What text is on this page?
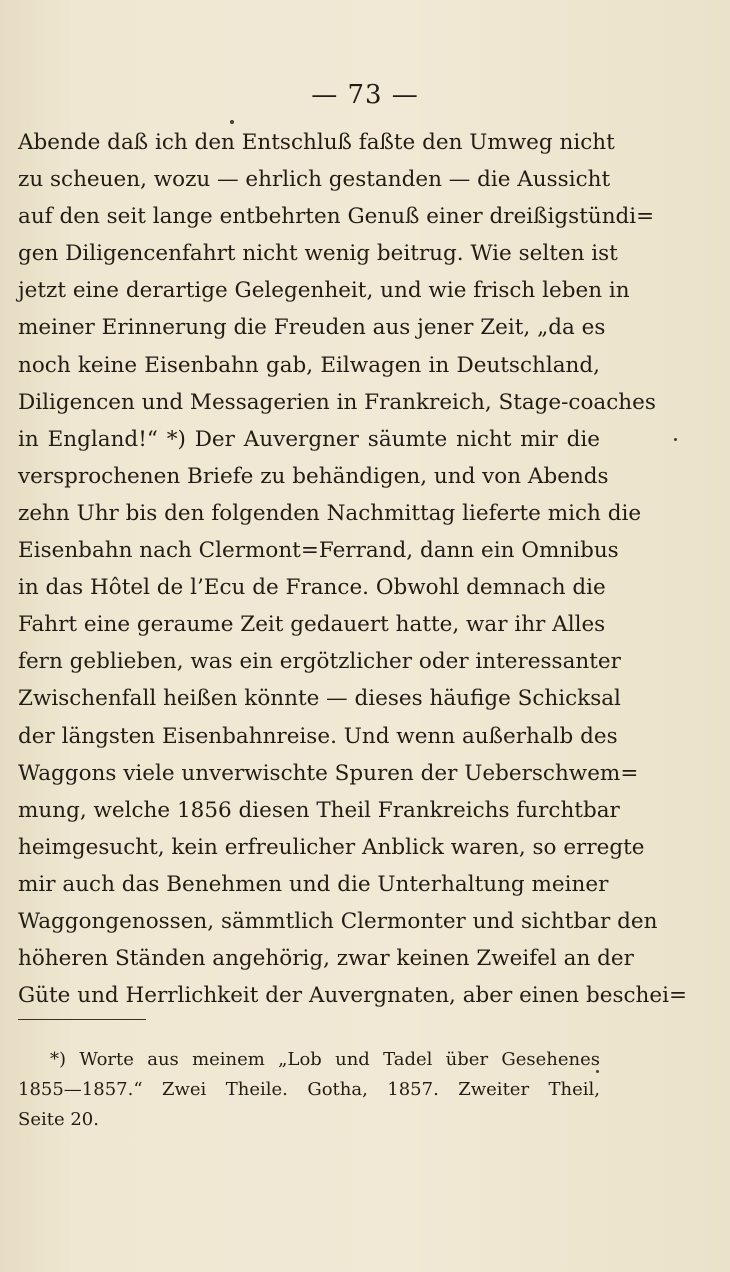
— 73 —
Abende daß ich den Entschluß faßte den Umweg nicht
zu scheuen, wozu — ehrlich gestanden — die Aussicht
auf den seit lange entbehrten Genuß einer dreißigstündi=
gen Diligencenfahrt nicht wenig beitrug. Wie selten ist
jetzt eine derartige Gelegenheit, und wie frisch leben in
meiner Erinnerung die Freuden aus jener Zeit, „da es
noch keine Eisenbahn gab, Eilwagen in Deutschland,
Diligencen und Messagerien in Frankreich, Stage-coaches
in England!“ *) Der Auvergner säumte nicht mir die
versprochenen Briefe zu behändigen, und von Abends
zehn Uhr bis den folgenden Nachmittag lieferte mich die
Eisenbahn nach Clermont=Ferrand, dann ein Omnibus
in das Hôtel de l’Ecu de France. Obwohl demnach die
Fahrt eine geraume Zeit gedauert hatte, war ihr Alles
fern geblieben, was ein ergötzlicher oder interessanter
Zwischenfall heißen könnte — dieses häufige Schicksal
der längsten Eisenbahnreise. Und wenn außerhalb des
Waggons viele unverwischte Spuren der Ueberschwem=
mung, welche 1856 diesen Theil Frankreichs furchtbar
heimgesucht, kein erfreulicher Anblick waren, so erregte
mir auch das Benehmen und die Unterhaltung meiner
Waggongenossen, sämmtlich Clermonter und sichtbar den
höheren Ständen angehörig, zwar keinen Zweifel an der
Güte und Herrlichkeit der Auvergnaten, aber einen beschei=
*) Worte aus meinem „Lob und Tadel über Gesehenes
1855—1857.“ Zwei Theile. Gotha, 1857. Zweiter Theil,
Seite 20.
